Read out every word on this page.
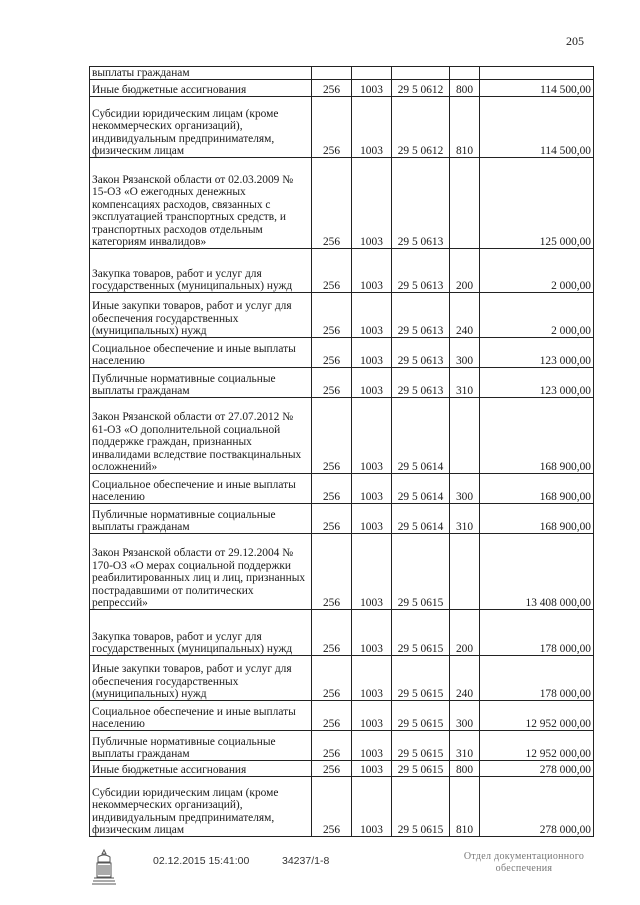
205
выплаты гражданам					
Иные бюджетные ассигнования	256	1003	29 5 0612	800	114 500,00
Субсидии юридическим лицам (кроме некоммерческих организаций), индивидуальным предпринимателям, физическим лицам	256	1003	29 5 0612	810	114 500,00
Закон Рязанской области от 02.03.2009 № 15-ОЗ «О ежегодных денежных компенсациях расходов, связанных с эксплуатацией транспортных средств, и транспортных расходов отдельным категориям инвалидов»	256	1003	29 5 0613		125 000,00
Закупка товаров, работ и услуг для государственных (муниципальных) нужд	256	1003	29 5 0613	200	2 000,00
Иные закупки товаров, работ и услуг для обеспечения государственных (муниципальных) нужд	256	1003	29 5 0613	240	2 000,00
Социальное обеспечение и иные выплаты населению	256	1003	29 5 0613	300	123 000,00
Публичные нормативные социальные выплаты гражданам	256	1003	29 5 0613	310	123 000,00
Закон Рязанской области от 27.07.2012 № 61-ОЗ «О дополнительной социальной поддержке граждан, признанных инвалидами вследствие поствакцинальных осложнений»	256	1003	29 5 0614		168 900,00
Социальное обеспечение и иные выплаты населению	256	1003	29 5 0614	300	168 900,00
Публичные нормативные социальные выплаты гражданам	256	1003	29 5 0614	310	168 900,00
Закон Рязанской области от 29.12.2004 № 170-ОЗ «О мерах социальной поддержки реабилитированных лиц и лиц, признанных пострадавшими от политических репрессий»	256	1003	29 5 0615		13 408 000,00
Закупка товаров, работ и услуг для государственных (муниципальных) нужд	256	1003	29 5 0615	200	178 000,00
Иные закупки товаров, работ и услуг для обеспечения государственных (муниципальных) нужд	256	1003	29 5 0615	240	178 000,00
Социальное обеспечение и иные выплаты населению	256	1003	29 5 0615	300	12 952 000,00
Публичные нормативные социальные выплаты гражданам	256	1003	29 5 0615	310	12 952 000,00
Иные бюджетные ассигнования	256	1003	29 5 0615	800	278 000,00
Субсидии юридическим лицам (кроме некоммерческих организаций), индивидуальным предпринимателям, физическим лицам	256	1003	29 5 0615	810	278 000,00
02.12.2015 15:41:00	34237/1-8	Отдел документационного
обеспечения
